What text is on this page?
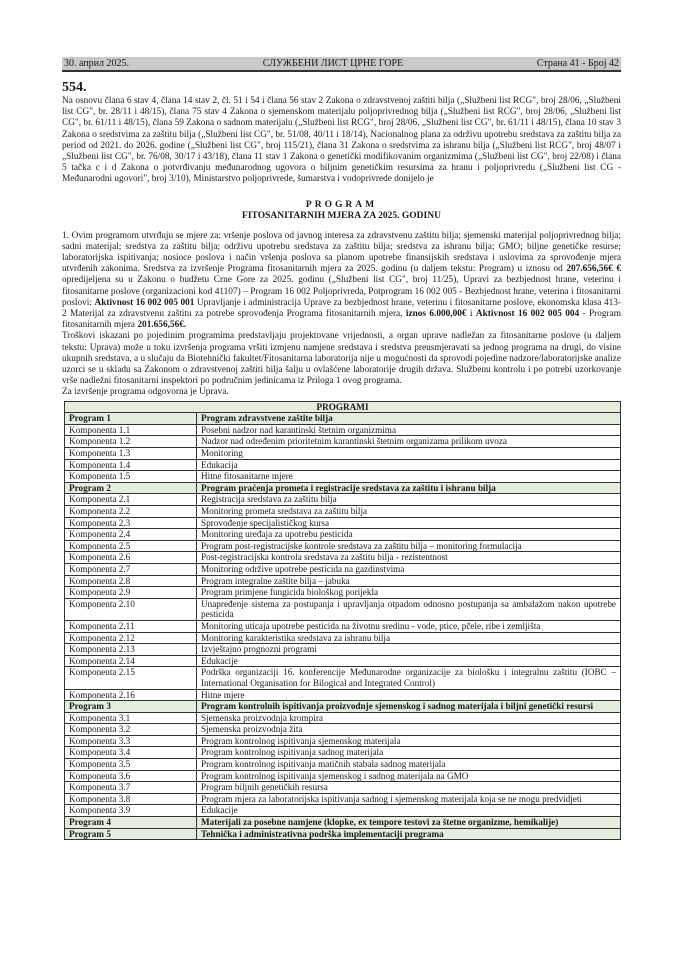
30. април 2025.	СЛУЖБЕНИ ЛИСТ ЦРНЕ ГОРЕ	Страна 41 - Број 42
554.
Na osnovu člana 6 stav 4, člana 14 stav 2, čl. 51 i 54 i člana 56 stav 2 Zakona o zdravstvenoj zaštiti bilja („Službeni list RCG", broj 28/06, „Službeni list CG", br. 28/11 i 48/15), člana 75 stav 4 Zakona o sjemenskom materijalu poljoprivrednog bilja („Službeni list RCG", broj 28/06, „Službeni list CG", br. 61/11 i 48/15), člana 59 Zakona o sadnom materijalu („Službeni list RCG", broj 28/06, „Službeni list CG", br. 61/11 i 48/15), člana 10 stav 3 Zakona o sredstvima za zaštitu bilja („Službeni list CG", br. 51/08, 40/11 i 18/14), Nacionalnog plana za održivu upotrebu sredstava za zaštitu bilja za period od 2021. do 2026. godine („Službeni list CG", broj 115/21), člana 31 Zakona o sredstvima za ishranu bilja („Službeni list RCG", broj 48/07 i „Službeni list CG", br. 76/08, 30/17 i 43/18), člana 11 stav 1 Zakona o genetički modifikovanim organizmima („Službeni list CG", broj 22/08) i člana 5 tačka c i d Zakona o potvrđivanju međunarodnog ugovora o biljnim genetičkim resursima za hranu i poljoprivredu („Službeni list CG - Međunarodni ugovori", broj 3/10), Ministarstvo poljoprivrede, šumarstva i vodoprivrede donijelo je
PROGRAM
FITOSANITARNIH MJERA ZA 2025. GODINU
1. Ovim programom utvrđuju se mjere za: vršenje poslova od javnog interesa za zdravstvenu zaštitu bilja; sjemenski materijal poljoprivrednog bilja; sadni materijal; sredstva za zaštitu bilja; održivu upotrebu sredstava za zaštitu bilja; sredstva za ishranu bilja; GMO; biljne genetičke resurse; laboratorijska ispitivanja; nosioce poslova i način vršenja poslova sa planom upotrebe finansijskih sredstava i uslovima za sprovođenje mjera utvrđenih zakonima. Sredstva za izvršenje Programa fitosanitarnih mjera za 2025. godinu (u daljem tekstu: Program) u iznosu od 207.656,56€ € opredijeljena su u Zakonu o budžetu Crne Gore za 2025. godinu („Službeni list CG", broj 11/25), Upravi za bezbjednost hrane, veterinu i fitosanitarne poslove (organizacioni kod 41107) – Program 16 002 Poljoprivreda, Potprogram 16 002 005 - Bezbjednost hrane, veterina i fitosanitarni poslovi: Aktivnost 16 002 005 001 Upravljanje i administracija Uprave za bezbjednost hrane, veterinu i fitosanitarne poslove, ekonomska klasa 413-2 Materijal za zdravstvenu zaštitu za potrebe sprovođenja Programa fitosanitarnih mjera, iznos 6.000,00€ i Aktivnost 16 002 005 004 - Program fitosanitarnih mjera 201.656,56€.
Troškovi iskazani po pojedinim programima predstavljaju projektovane vrijednosti, a organ uprave nadležan za fitosanitarne poslove (u daljem tekstu: Uprava) može u toku izvršenja programa vršiti izmjenu namjene sredstava i sredstva preusmjeravati sa jednog programa na drugi, do visine ukupnih sredstava, a u slučaju da Biotehnički fakultet/Fitosanitarna laboratorija nije u mogućnosti da sprovodi pojedine nadzore/laboratorijske analize uzorci se u skladu sa Zakonom o zdravstvenoj zaštiti bilja šalju u ovlašćene laboratorije drugih država. Službenu kontrolu i po potrebi uzorkovanje vrše nadležni fitosanitarni inspektori po područnim jedinicama iz Priloga 1 ovog programa.
Za izvršenje programa odgovorna je Uprava.
PROGRAMI	
Program 1	Program zdravstvene zaštite bilja
Komponenta 1.1	Posebni nadzor nad karantinski štetnim organizmima
Komponenta 1.2	Nadzor nad određenim prioritetnim karantinski štetnim organizama prilikom uvoza
Komponenta 1.3	Monitoring
Komponenta 1.4	Edukacija
Komponenta 1.5	Hitne fitosanitarne mjere
Program 2	Program praćenja prometa i registracije sredstava za zaštitu i ishranu bilja
Komponenta 2.1	Registracija sredstava za zaštitu bilja
Komponenta 2.2	Monitoring prometa sredstava za zaštitu bilja
Komponenta 2.3	Sprovođenje specijalističkog kursa
Komponenta 2.4	Monitoring uređaja za upotrebu pesticida
Komponenta 2.5	Program post-registracijske kontrole sredstava za zaštitu bilja – monitoring formulacija
Komponenta 2.6	Post-registracijska kontrola sredstava za zaštitu bilja - rezistentnost
Komponenta 2.7	Monitoring održive upotrebe pesticida na gazdinstvima
Komponenta 2.8	Program integralne zaštite bilja – jabuka
Komponenta 2.9	Program primjene fungicida biološkog porijekla
Komponenta 2.10	Unapređenje sistema za postupanja i upravljanja otpadom odnosno postupanja sa ambalažom nakon upotrebe pesticida
Komponenta 2.11	Monitoring uticaja upotrebe pesticida na životnu sredinu - vode, ptice, pčele, ribe i zemljišta
Komponenta 2.12	Monitoring karakteristika sredstava za ishranu bilja
Komponenta 2.13	Izvještajno prognozni programi
Komponenta 2.14	Edukacije
Komponenta 2.15	Podrška organizaciji 16. konferencije Međunarodne organizacije za biološku i integralnu zaštitu (IOBC – International Organisation for Bilogical and Integrated Control)
Komponenta 2.16	Hitne mjere
Program 3	Program kontrolnih ispitivanja proizvodnje sjemenskog i sadnog materijala i biljni genetički resursi
Komponenta 3.1	Sjemenska proizvodnja krompira
Komponenta 3.2	Sjemenska proizvodnja žita
Komponenta 3.3	Program kontrolnog ispitivanja sjemenskog materijala
Komponenta 3.4	Program kontrolnog ispitivanja sadnog materijala
Komponenta 3.5	Program kontrolnog ispitivanja matičnih stabala sadnog materijala
Komponenta 3.6	Program kontrolnog ispitivanja sjemenskog i sadnog materijala na GMO
Komponenta 3.7	Program biljnih genetičkih resursa
Komponenta 3.8	Program mjera za laboratorijska ispitivanja sadnog i sjemenskog materijala koja se ne mogu predvidjeti
Komponenta 3.9	Edukacije
Program 4	Materijali za posebne namjene (klopke, ex tempore testovi za štetne organizme, hemikalije)
Program 5	Tehnička i administrativna podrška implementaciji programa
